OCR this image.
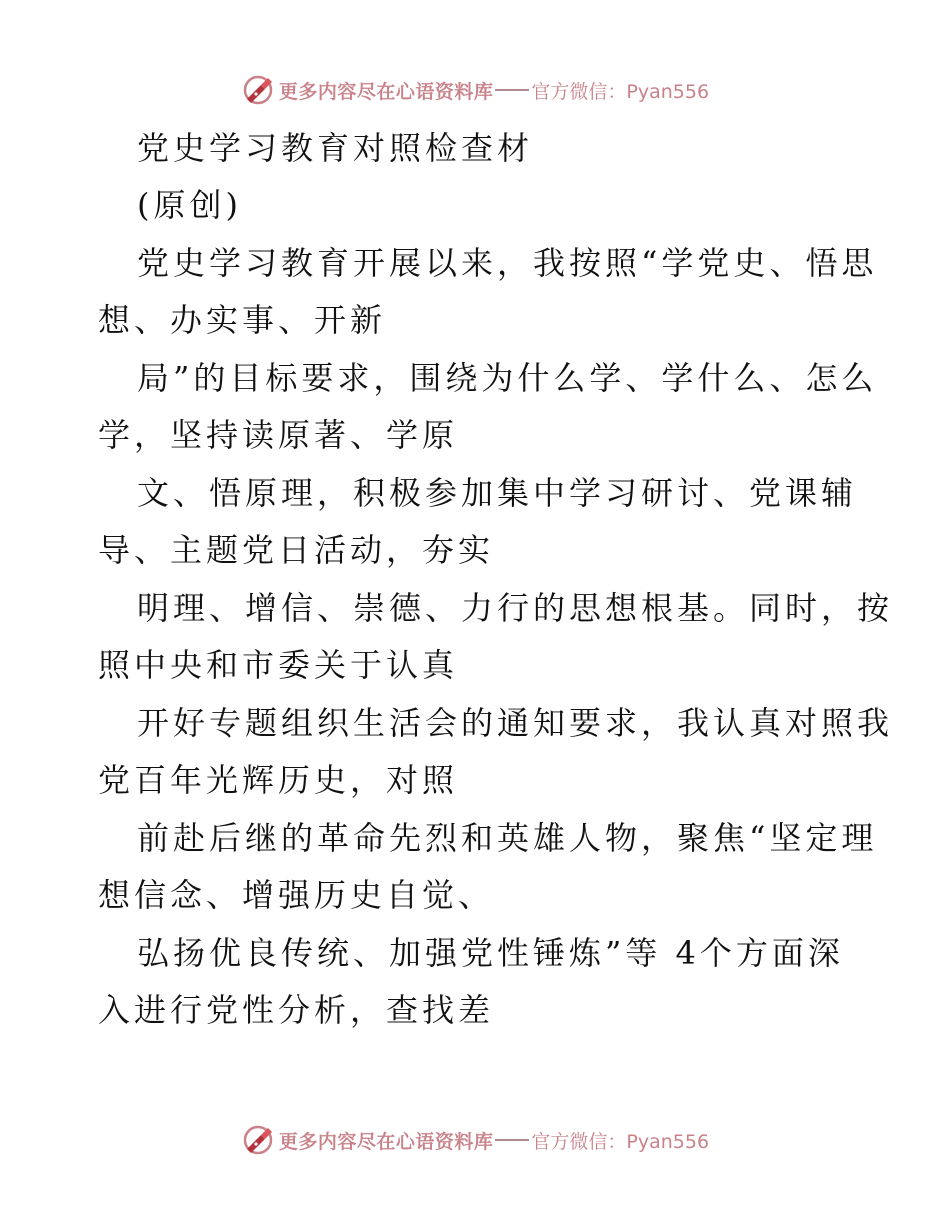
更多内容尽在心语资料库 官方微信：Pyan556
党史学习教育对照检查材
(原创)
党史学习教育开展以来，我按照“学党史、悟思
想、办实事、开新
局”的目标要求，围绕为什么学、学什么、怎么
学，坚持读原著、学原
文、悟原理，积极参加集中学习研讨、党课辅
导、主题党日活动，夯实
明理、增信、崇德、力行的思想根基。同时，按
照中央和市委关于认真
开好专题组织生活会的通知要求，我认真对照我
党百年光辉历史，对照
前赴后继的革命先烈和英雄人物，聚焦“坚定理
想信念、增强历史自觉、
弘扬优良传统、加强党性锤炼”等 4个方面深
入进行党性分析，查找差
更多内容尽在心语资料库 官方微信：Pyan556
